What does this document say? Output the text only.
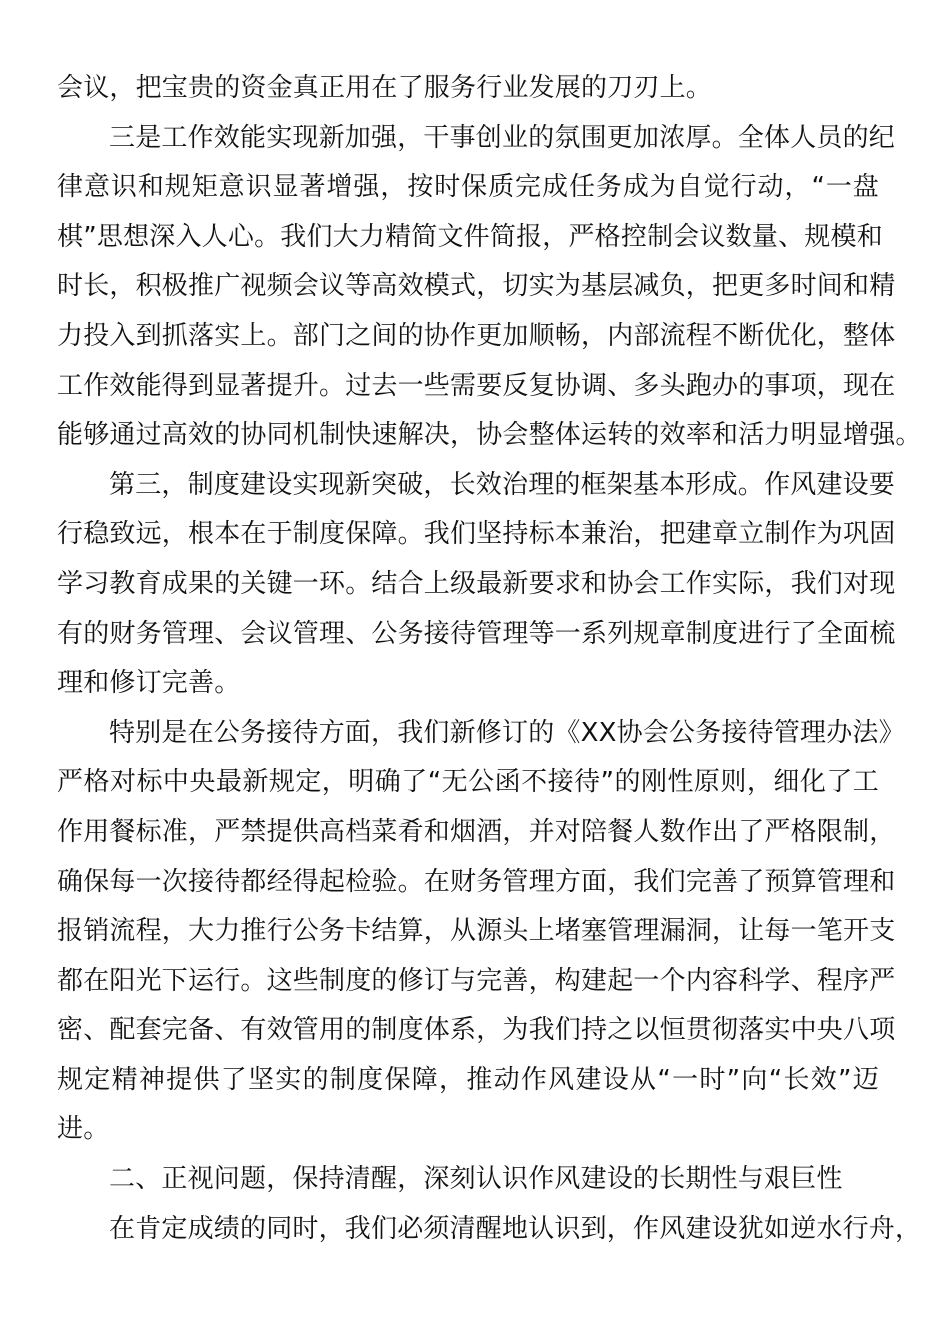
会议，把宝贵的资金真正用在了服务行业发展的刀刃上。
三是工作效能实现新加强，干事创业的氛围更加浓厚。全体人员的纪
律意识和规矩意识显著增强，按时保质完成任务成为自觉行动，“一盘
棋”思想深入人心。我们大力精简文件简报，严格控制会议数量、规模和
时长，积极推广视频会议等高效模式，切实为基层减负，把更多时间和精
力投入到抓落实上。部门之间的协作更加顺畅，内部流程不断优化，整体
工作效能得到显著提升。过去一些需要反复协调、多头跑办的事项，现在
能够通过高效的协同机制快速解决，协会整体运转的效率和活力明显增强。
第三，制度建设实现新突破，长效治理的框架基本形成。作风建设要
行稳致远，根本在于制度保障。我们坚持标本兼治，把建章立制作为巩固
学习教育成果的关键一环。结合上级最新要求和协会工作实际，我们对现
有的财务管理、会议管理、公务接待管理等一系列规章制度进行了全面梳
理和修订完善。
特别是在公务接待方面，我们新修订的《XX协会公务接待管理办法》
严格对标中央最新规定，明确了“无公函不接待”的刚性原则，细化了工
作用餐标准，严禁提供高档菜肴和烟酒，并对陪餐人数作出了严格限制，
确保每一次接待都经得起检验。在财务管理方面，我们完善了预算管理和
报销流程，大力推行公务卡结算，从源头上堵塞管理漏洞，让每一笔开支
都在阳光下运行。这些制度的修订与完善，构建起一个内容科学、程序严
密、配套完备、有效管用的制度体系，为我们持之以恒贯彻落实中央八项
规定精神提供了坚实的制度保障，推动作风建设从“一时”向“长效”迈
进。
二、正视问题，保持清醒，深刻认识作风建设的长期性与艰巨性
在肯定成绩的同时，我们必须清醒地认识到，作风建设犹如逆水行舟，
